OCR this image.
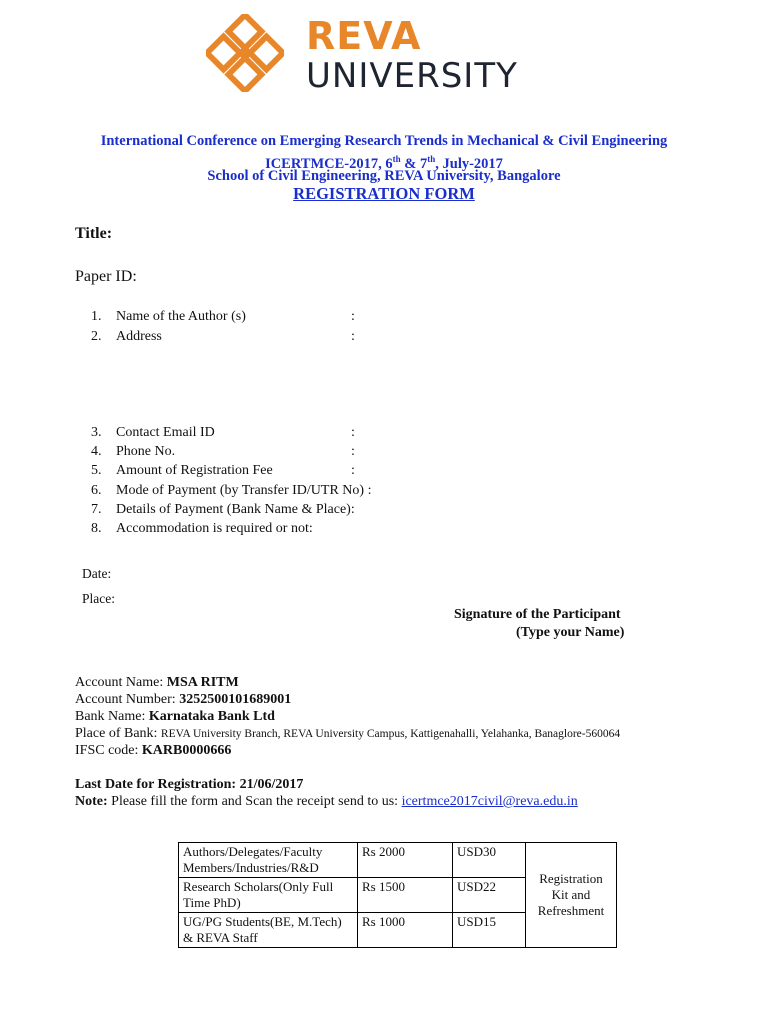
REVA
UNIVERSITY
International Conference on Emerging Research Trends in Mechanical & Civil Engineering
ICERTMCE-2017, 6th & 7th, July-2017
School of Civil Engineering, REVA University, Bangalore
REGISTRATION FORM
Title:
Paper ID:
1. Name of the Author (s)	:
2. Address	:
3. Contact Email ID	:
4. Phone No.	:
5. Amount of Registration Fee	:
6. Mode of Payment (by Transfer ID/UTR No) :
7. Details of Payment (Bank Name & Place):
8. Accommodation is required or not:
Date:
Place:
Signature of the Participant
(Type your Name)
Account Name: MSA RITM
Account Number: 3252500101689001
Bank Name: Karnataka Bank Ltd
Place of Bank: REVA University Branch, REVA University Campus, Kattigenahalli, Yelahanka, Banaglore-560064
IFSC code: KARB0000666
Last Date for Registration: 21/06/2017
Note: Please fill the form and Scan the receipt send to us: icertmce2017civil@reva.edu.in
Authors/Delegates/Faculty Members/Industries/R&D	Rs 2000	USD30	Registration Kit and Refreshment
Research Scholars(Only Full Time PhD)	Rs 1500	USD22	
UG/PG Students(BE, M.Tech) & REVA Staff	Rs 1000	USD15	
